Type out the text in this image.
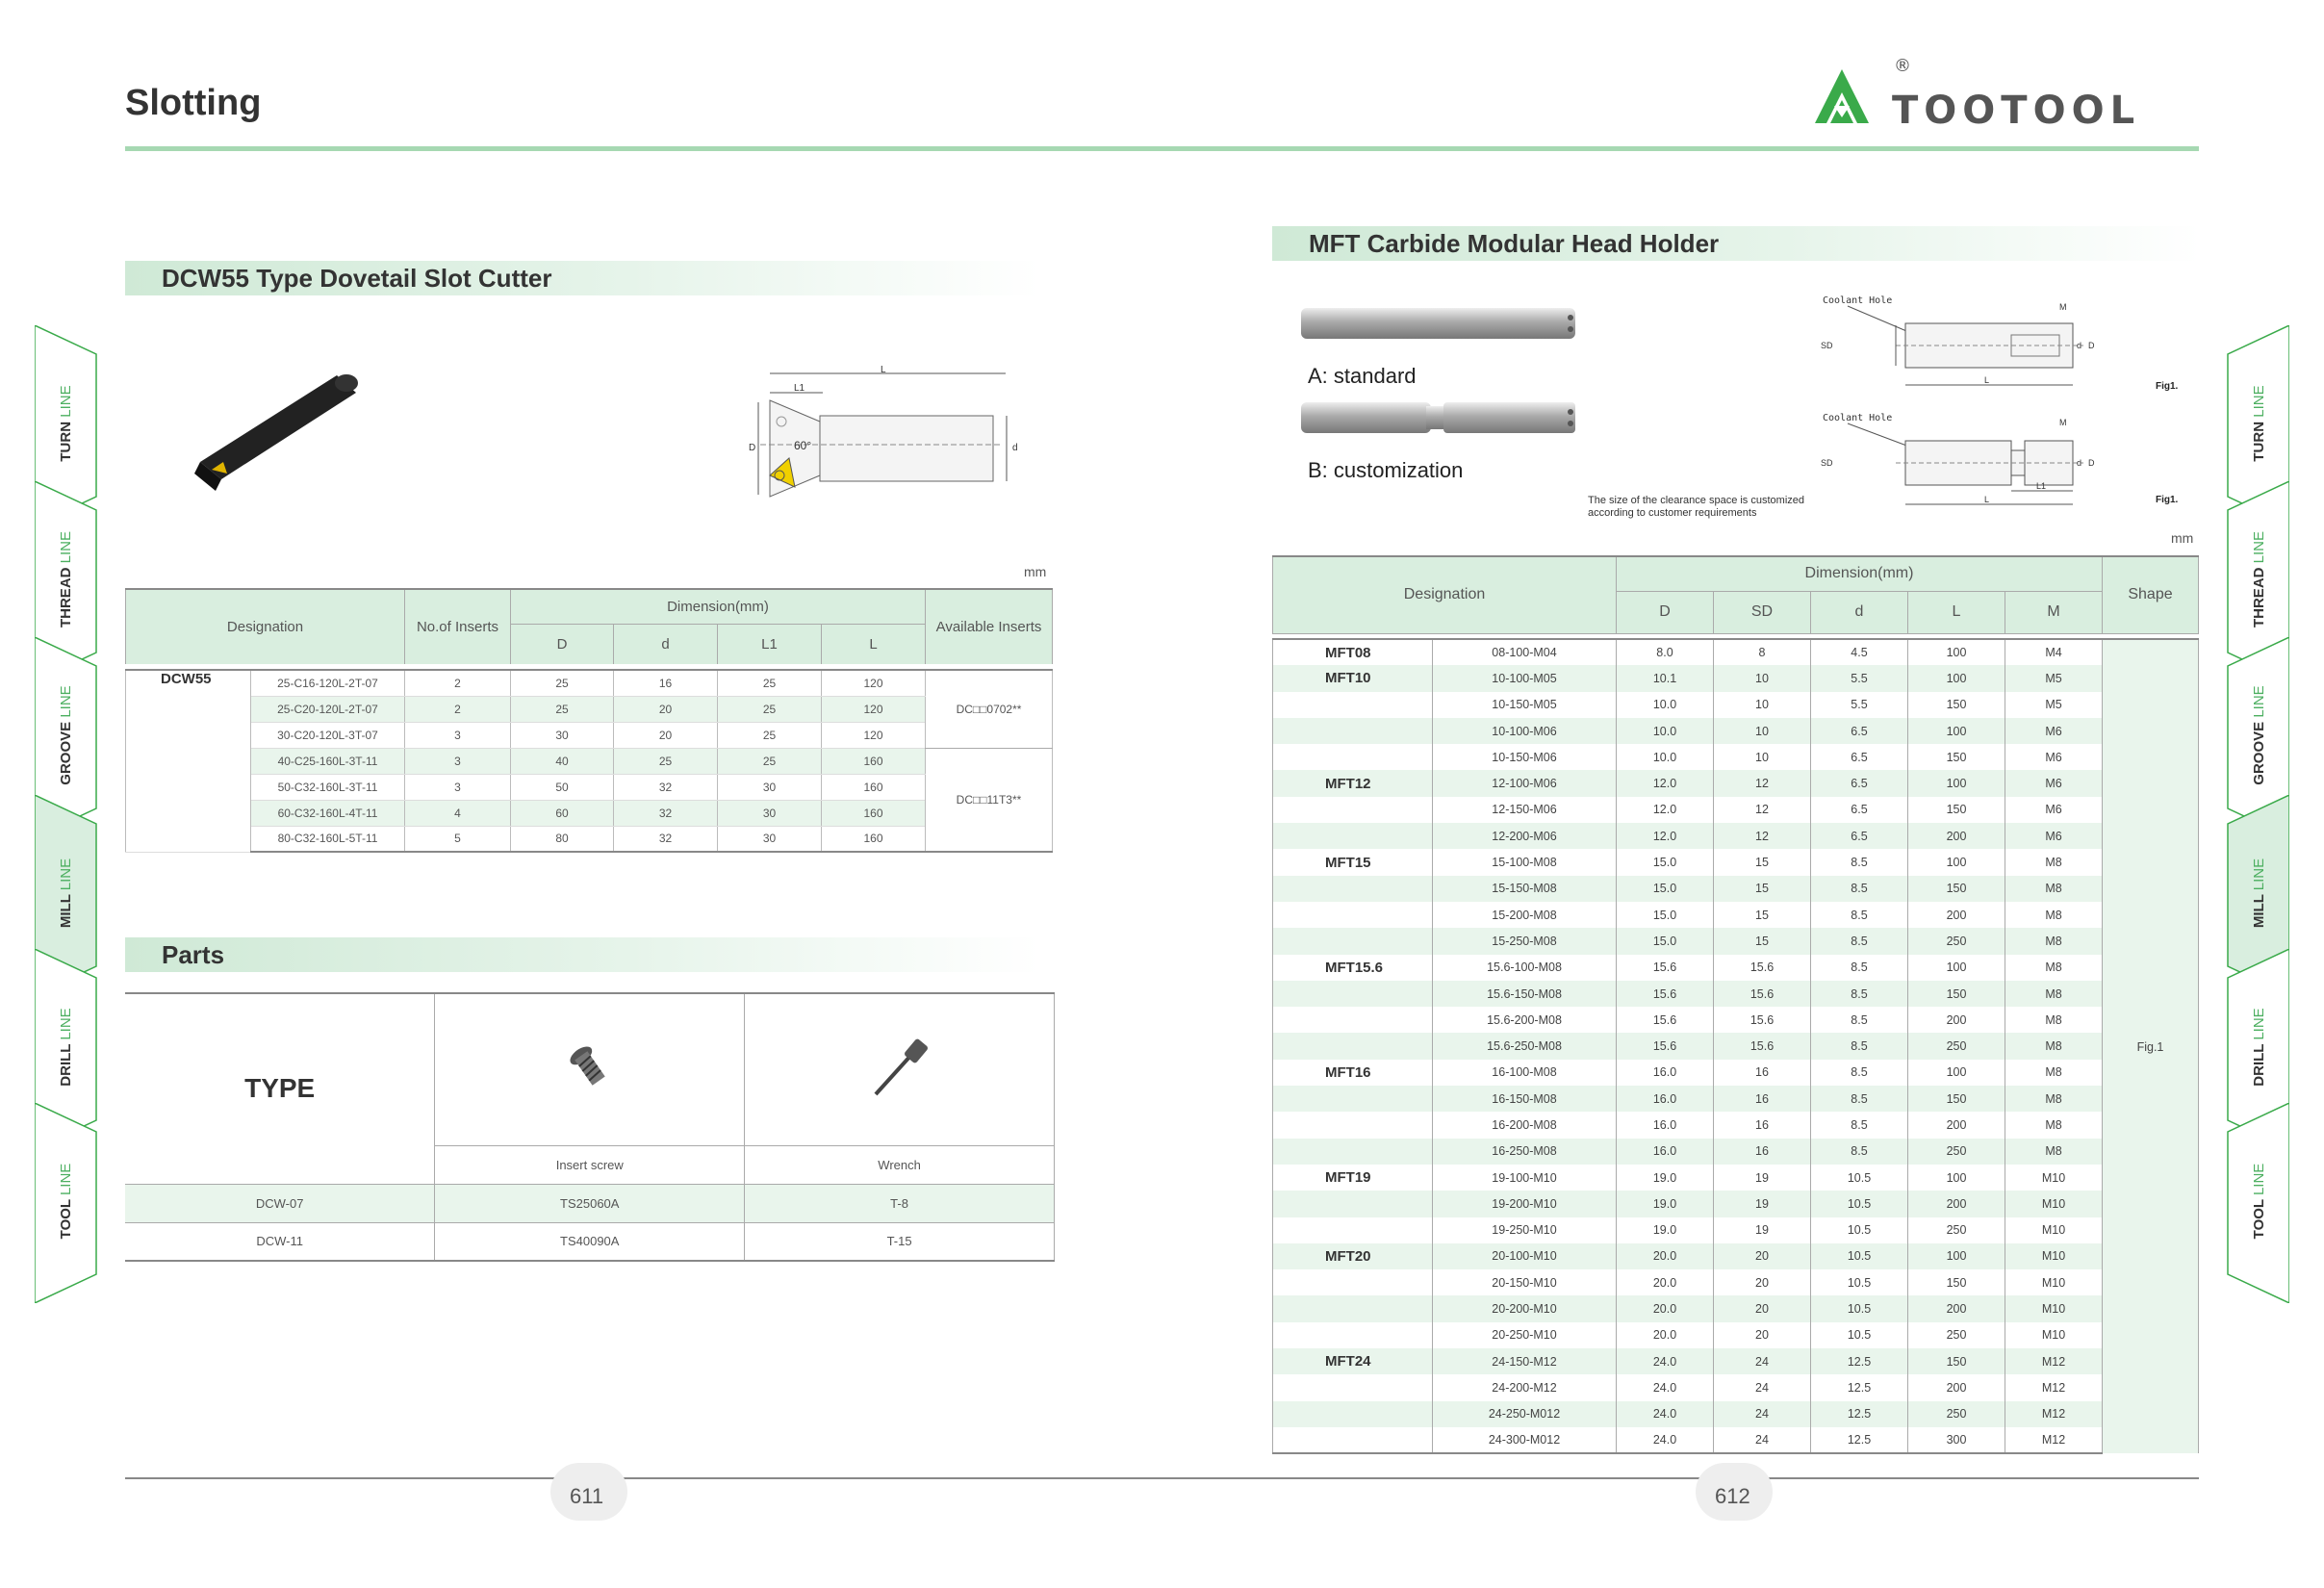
Slotting	TOOTOOL
®
TURN LINE
THREAD LINE
GROOVE LINE
MILL LINE
DRILL LINE
TOOL LINE
TURN LINE
THREAD LINE
GROOVE LINE
MILL LINE
DRILL LINE
TOOL LINE
DCW55 Type Dovetail Slot Cutter
L
L1
60°
D	d
mm
Designation		No.of Inserts	Dimension(mm)				Available Inserts
			D	d	L1	L	

DCW55	25-C16-120L-2T-07	2	25	16	25	120	DC□□0702**
	25-C20-120L-2T-07	2	25	20	25	120	
	30-C20-120L-3T-07	3	30	20	25	120	
	40-C25-160L-3T-11	3	40	25	25	160	DC□□11T3**
	50-C32-160L-3T-11	3	50	32	30	160	
	60-C32-160L-4T-11	4	60	32	30	160	
	80-C32-160L-5T-11	5	80	32	30	160	
Parts
TYPE		
	Insert screw	Wrench
DCW-07	TS25060A	T-8
DCW-11	TS40090A	T-15
MFT Carbide Modular Head Holder
A: standard
B: customization
The size of the clearance space is customized
according to customer requirements
Coolant Hole
SD
M
d D
L
Fig1.
Coolant Hole
SD
M
d D
L1
L	Fig1.
mm
Designation		Dimension(mm)					Shape
		D	SD	d	L	M	

MFT08	08-100-M04	8.0	8	4.5	100	M4	Fig.1
MFT10	10-100-M05	10.1	10	5.5	100	M5	
	10-150-M05	10.0	10	5.5	150	M5	
	10-100-M06	10.0	10	6.5	100	M6	
	10-150-M06	10.0	10	6.5	150	M6	
MFT12	12-100-M06	12.0	12	6.5	100	M6	
	12-150-M06	12.0	12	6.5	150	M6	
	12-200-M06	12.0	12	6.5	200	M6	
MFT15	15-100-M08	15.0	15	8.5	100	M8	
	15-150-M08	15.0	15	8.5	150	M8	
	15-200-M08	15.0	15	8.5	200	M8	
	15-250-M08	15.0	15	8.5	250	M8	
MFT15.6	15.6-100-M08	15.6	15.6	8.5	100	M8	
	15.6-150-M08	15.6	15.6	8.5	150	M8	
	15.6-200-M08	15.6	15.6	8.5	200	M8	
	15.6-250-M08	15.6	15.6	8.5	250	M8	
MFT16	16-100-M08	16.0	16	8.5	100	M8	
	16-150-M08	16.0	16	8.5	150	M8	
	16-200-M08	16.0	16	8.5	200	M8	
	16-250-M08	16.0	16	8.5	250	M8	
MFT19	19-100-M10	19.0	19	10.5	100	M10	
	19-200-M10	19.0	19	10.5	200	M10	
	19-250-M10	19.0	19	10.5	250	M10	
MFT20	20-100-M10	20.0	20	10.5	100	M10	
	20-150-M10	20.0	20	10.5	150	M10	
	20-200-M10	20.0	20	10.5	200	M10	
	20-250-M10	20.0	20	10.5	250	M10	
MFT24	24-150-M12	24.0	24	12.5	150	M12	
	24-200-M12	24.0	24	12.5	200	M12	
	24-250-M012	24.0	24	12.5	250	M12	
	24-300-M012	24.0	24	12.5	300	M12	
611	612
